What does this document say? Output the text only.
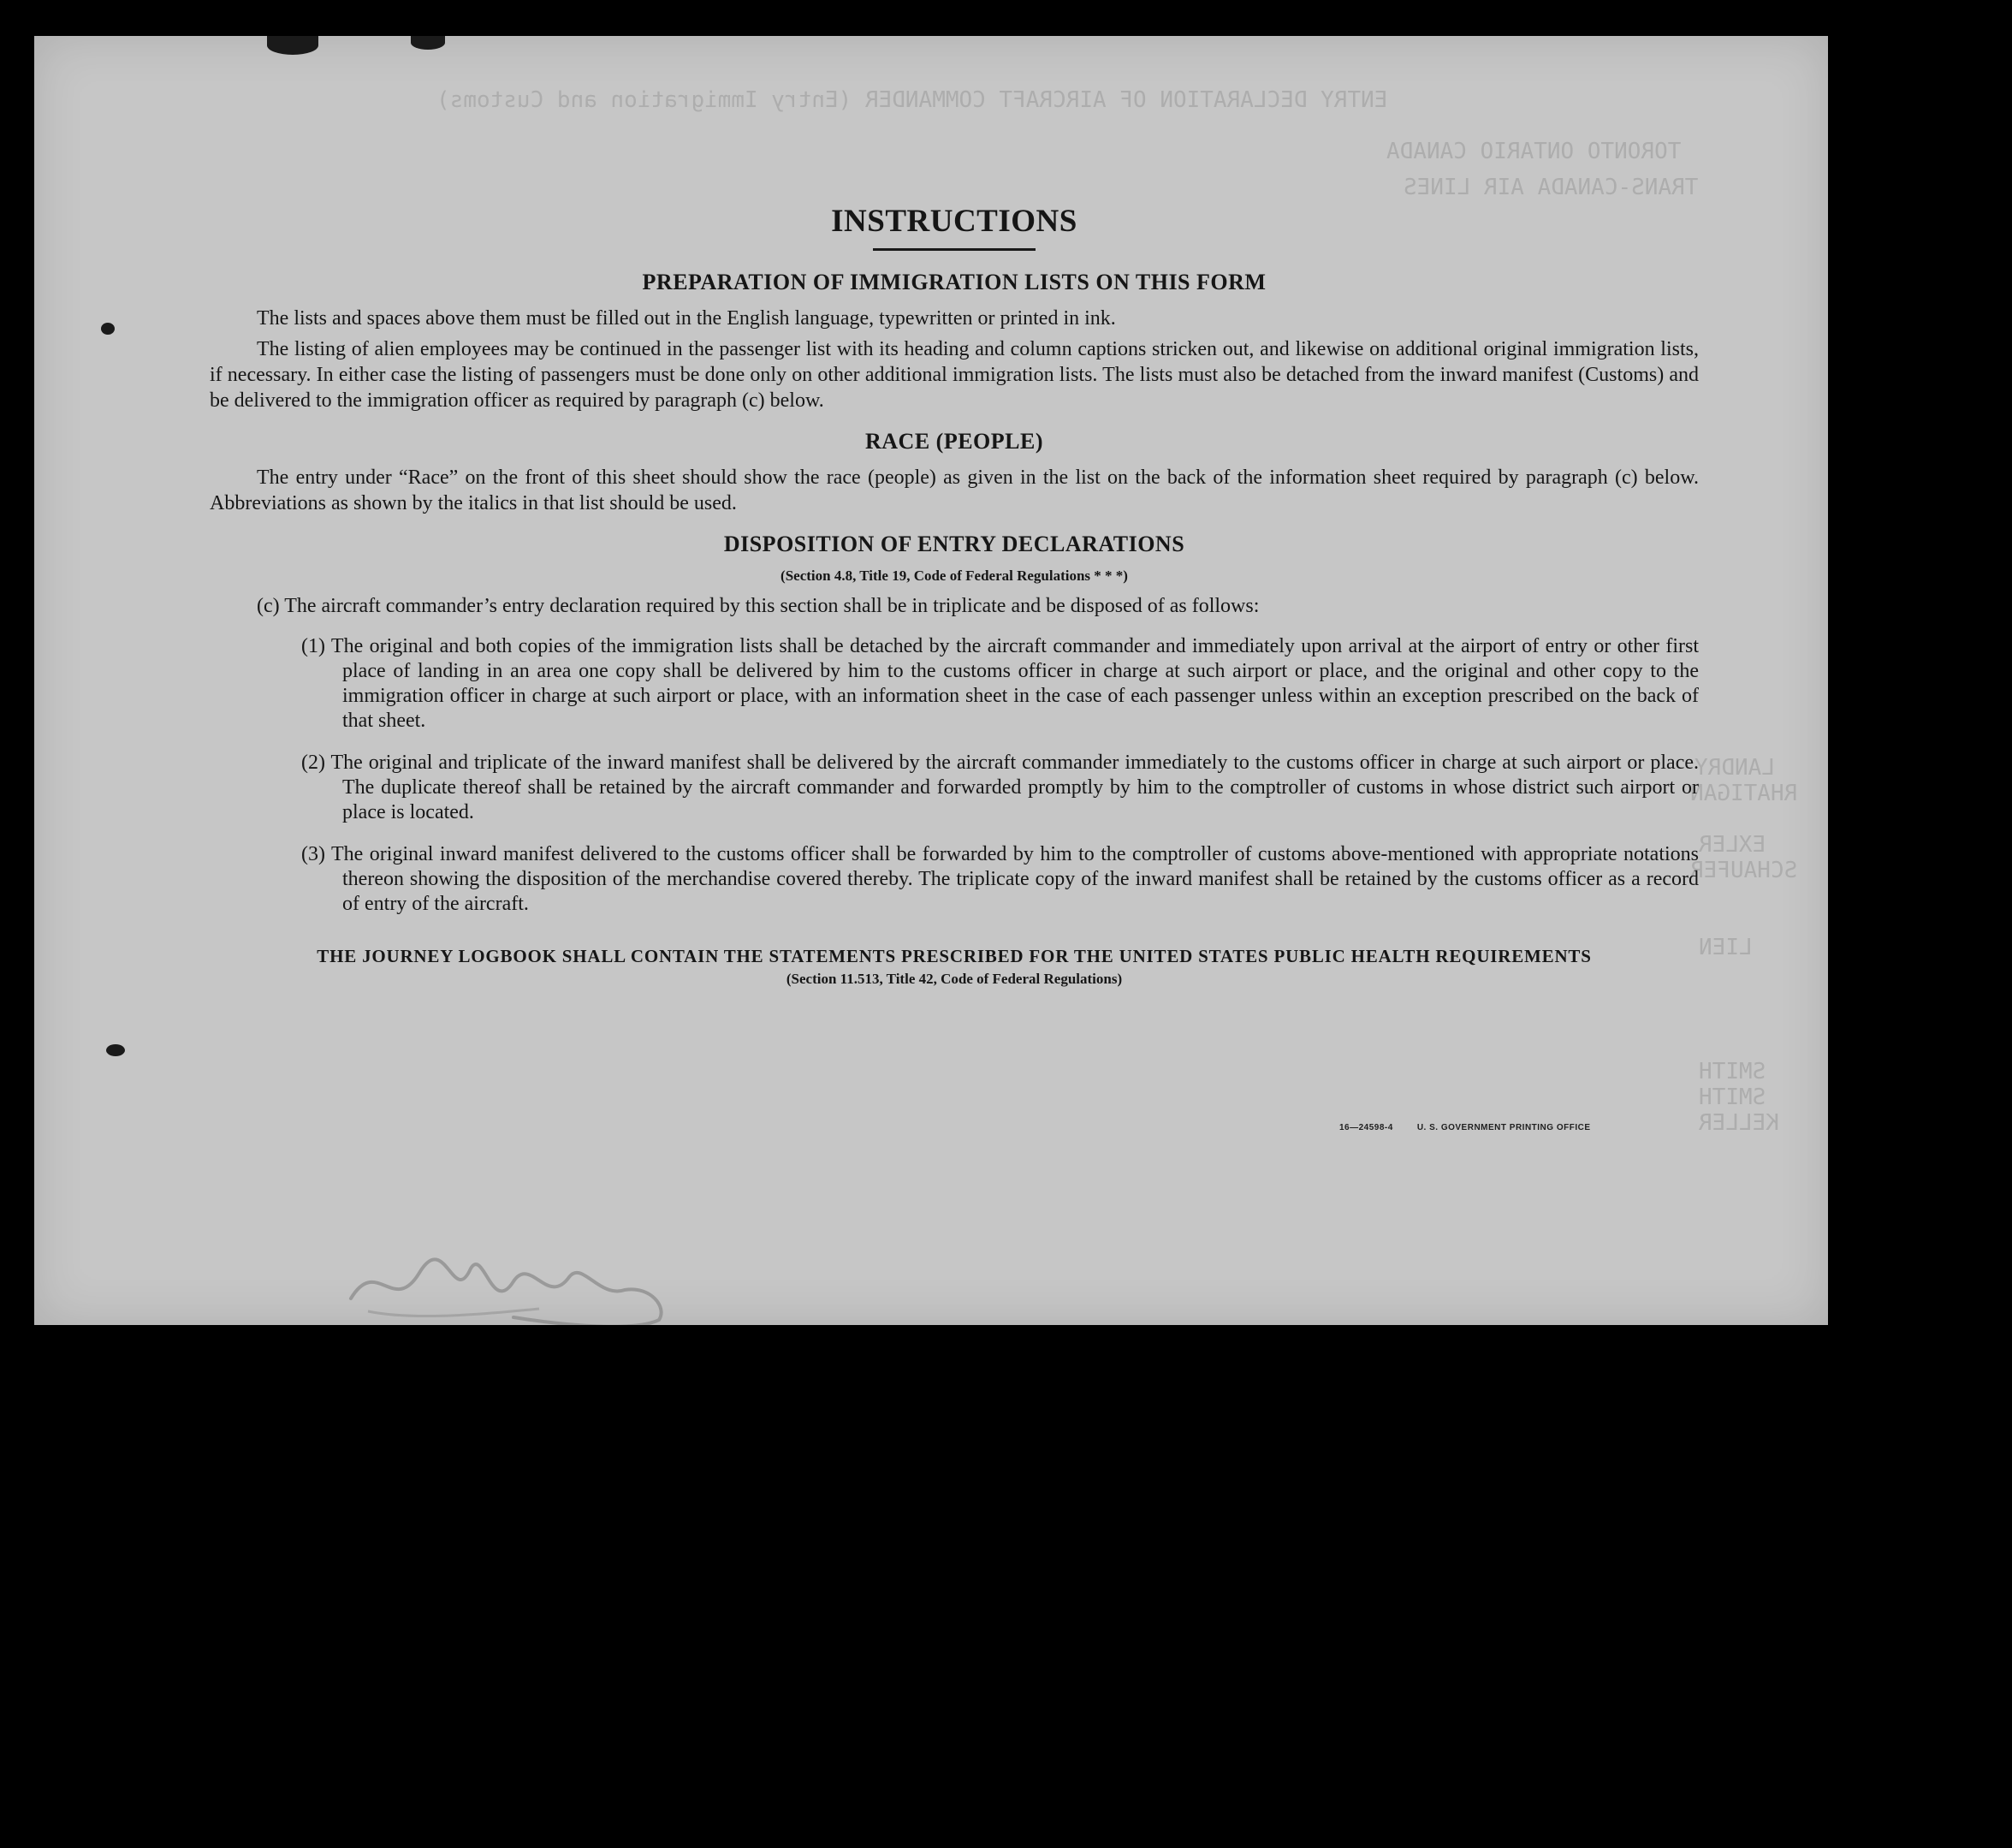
ENTRY DECLARATION OF AIRCRAFT COMMANDER (Entry Immigration and Customs)
TORONTO ONTARIO CANADA
TRANS-CANADA AIR LINES
LANDRY
RHATIGAN
EXLER
SCHAUFER
LIEN
SMITH
SMITH
KELLER
INSTRUCTIONS
PREPARATION OF IMMIGRATION LISTS ON THIS FORM

The lists and spaces above them must be filled out in the English language, typewritten or printed in ink.

The listing of alien employees may be continued in the passenger list with its heading and column captions stricken out, and likewise on additional original immigration lists, if necessary. In either case the listing of passengers must be done only on other additional immigration lists. The lists must also be detached from the inward manifest (Customs) and be delivered to the immigration officer as required by paragraph (c) below.

RACE (PEOPLE)

The entry under “Race” on the front of this sheet should show the race (people) as given in the list on the back of the information sheet required by paragraph (c) below. Abbreviations as shown by the italics in that list should be used.

DISPOSITION OF ENTRY DECLARATIONS

(Section 4.8, Title 19, Code of Federal Regulations * * *)

(c) The aircraft commander’s entry declaration required by this section shall be in triplicate and be disposed of as follows:

(1) The original and both copies of the immigration lists shall be detached by the aircraft commander and immediately upon arrival at the airport of entry or other first place of landing in an area one copy shall be delivered by him to the customs officer in charge at such airport or place, and the original and other copy to the immigration officer in charge at such airport or place, with an information sheet in the case of each passenger unless within an exception prescribed on the back of that sheet.

(2) The original and triplicate of the inward manifest shall be delivered by the aircraft commander immediately to the customs officer in charge at such airport or place. The duplicate thereof shall be retained by the aircraft commander and forwarded promptly by him to the comptroller of customs in whose district such airport or place is located.

(3) The original inward manifest delivered to the customs officer shall be forwarded by him to the comptroller of customs above-mentioned with appropriate notations thereon showing the disposition of the merchandise covered thereby. The triplicate copy of the inward manifest shall be retained by the customs officer as a record of entry of the aircraft.

THE JOURNEY LOGBOOK SHALL CONTAIN THE STATEMENTS PRESCRIBED FOR THE UNITED STATES PUBLIC HEALTH REQUIREMENTS

(Section 11.513, Title 42, Code of Federal Regulations)

16—24598-4	U. S. GOVERNMENT PRINTING OFFICE
